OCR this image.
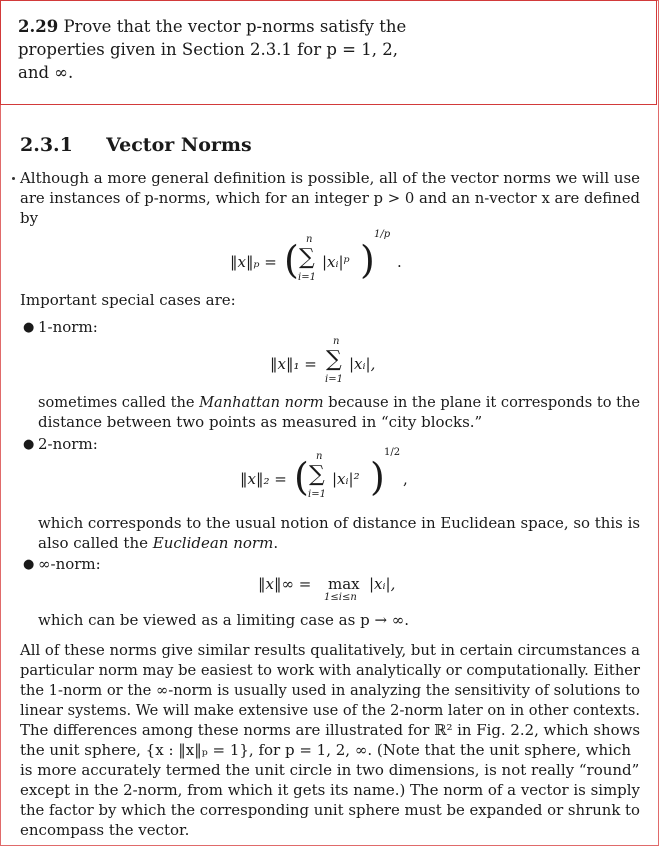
2.29 Prove that the vector p-norms satisfy the
properties given in Section 2.3.1 for p = 1, 2,
and ∞.
2.3.1 Vector Norms
Although a more general definition is possible, all of the vector norms we will use
are instances of p-norms, which for an integer p > 0 and an n-vector x are defined
by
‖x‖ₚ = ( n
∑
i=1
|xᵢ|ᵖ )
1/p
.
Important special cases are:
● 1-norm:
‖x‖₁ =
n
∑
i=1
|xᵢ|,
sometimes called the Manhattan norm because in the plane it corresponds to the
distance between two points as measured in “city blocks.”
● 2-norm:
‖x‖₂ = ( n
∑
i=1
|xᵢ|² )
1/2
,
which corresponds to the usual notion of distance in Euclidean space, so this is
also called the Euclidean norm.
● ∞-norm:
‖x‖∞ = max
1≤i≤n
|xᵢ|,
which can be viewed as a limiting case as p → ∞.
All of these norms give similar results qualitatively, but in certain circumstances a
particular norm may be easiest to work with analytically or computationally. Either
the 1-norm or the ∞-norm is usually used in analyzing the sensitivity of solutions to
linear systems. We will make extensive use of the 2-norm later on in other contexts.
The differences among these norms are illustrated for ℝ² in Fig. 2.2, which shows
the unit sphere, {x : ‖x‖ₚ = 1}, for p = 1, 2, ∞. (Note that the unit sphere, which
is more accurately termed the unit circle in two dimensions, is not really “round”
except in the 2-norm, from which it gets its name.) The norm of a vector is simply
the factor by which the corresponding unit sphere must be expanded or shrunk to
encompass the vector.
